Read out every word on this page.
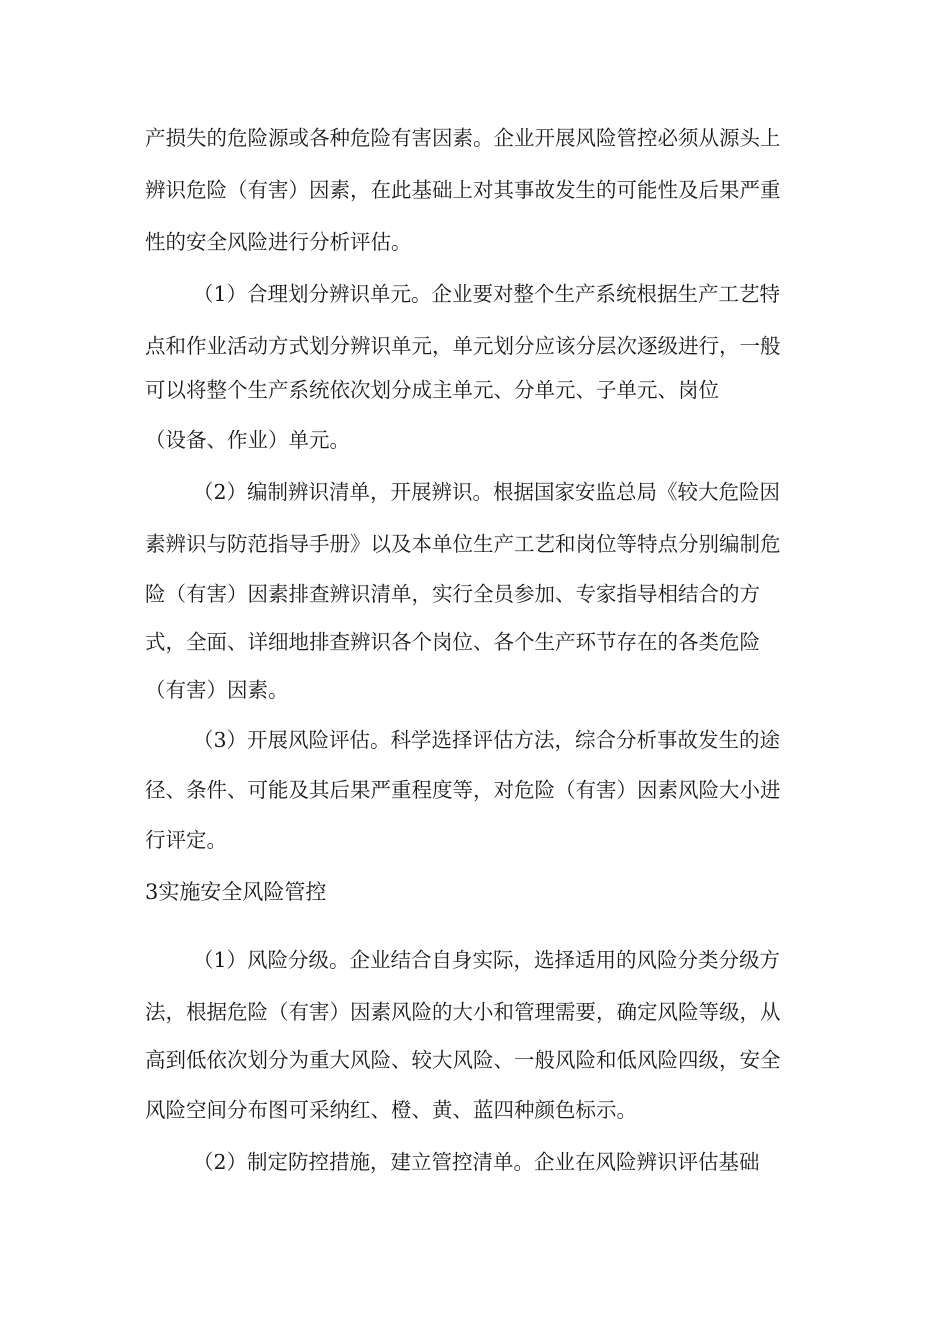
产损失的危险源或各种危险有害因素。企业开展风险管控必须从源头上
辨识危险（有害）因素，在此基础上对其事故发生的可能性及后果严重
性的安全风险进行分析评估。
（1）合理划分辨识单元。企业要对整个生产系统根据生产工艺特
点和作业活动方式划分辨识单元，单元划分应该分层次逐级进行，一般
可以将整个生产系统依次划分成主单元、分单元、子单元、岗位
（设备、作业）单元。
（2）编制辨识清单，开展辨识。根据国家安监总局《较大危险因
素辨识与防范指导手册》以及本单位生产工艺和岗位等特点分别编制危
险（有害）因素排查辨识清单，实行全员参加、专家指导相结合的方
式，全面、详细地排查辨识各个岗位、各个生产环节存在的各类危险
（有害）因素。
（3）开展风险评估。科学选择评估方法，综合分析事故发生的途
径、条件、可能及其后果严重程度等，对危险（有害）因素风险大小进
行评定。
3实施安全风险管控
（1）风险分级。企业结合自身实际，选择适用的风险分类分级方
法，根据危险（有害）因素风险的大小和管理需要，确定风险等级，从
高到低依次划分为重大风险、较大风险、一般风险和低风险四级，安全
风险空间分布图可采纳红、橙、黄、蓝四种颜色标示。
（2）制定防控措施，建立管控清单。企业在风险辨识评估基础
